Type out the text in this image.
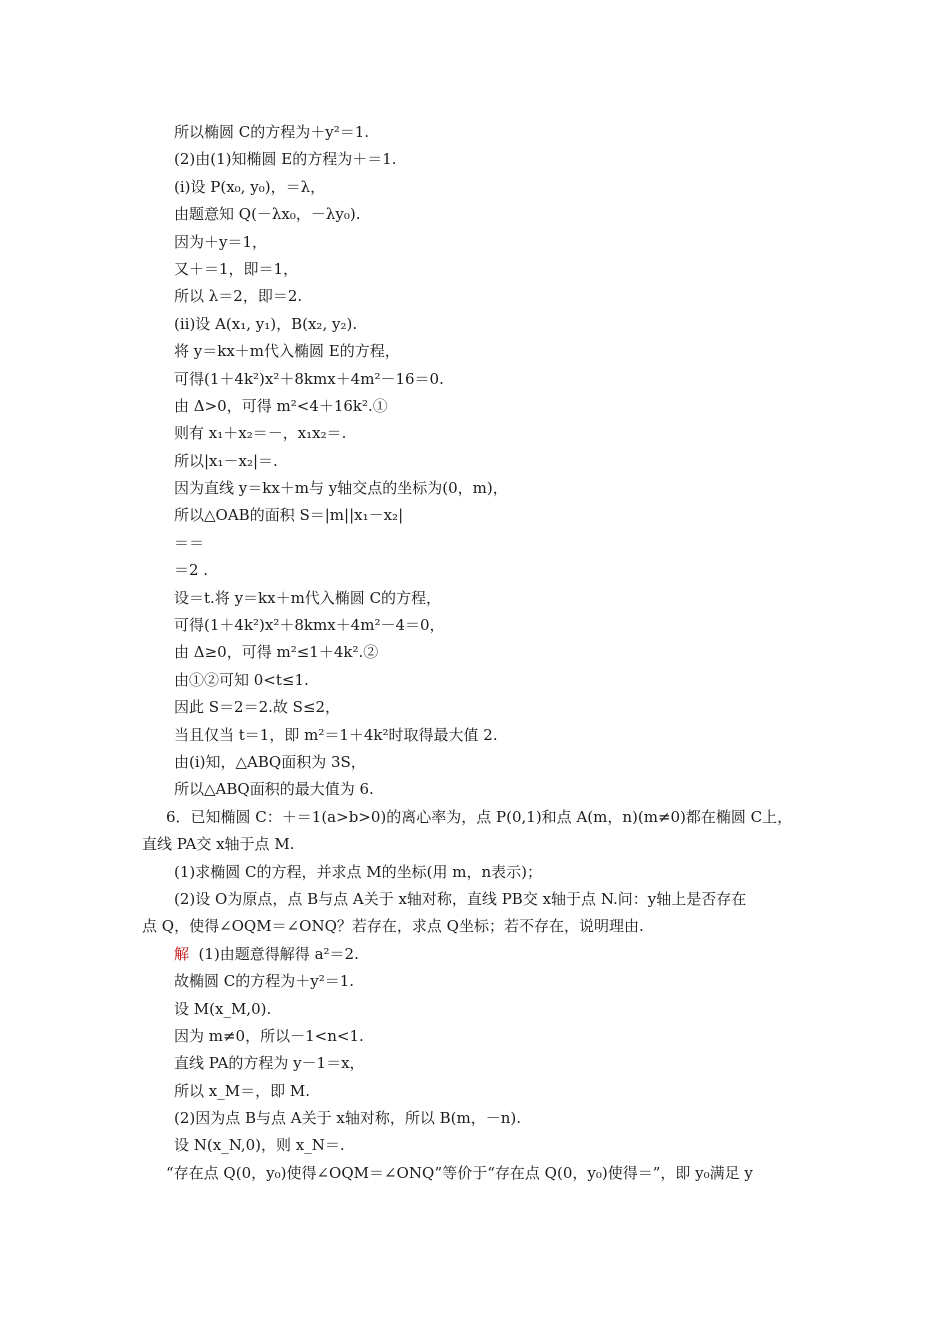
所以椭圆 C的方程为＋y²＝1.
(2)由(1)知椭圆 E的方程为＋＝1.
(ⅰ)设 P(x₀, y₀)，＝λ，
由题意知 Q(－λx₀，－λy₀).
因为＋y＝1，
又＋＝1，即＝1，
所以 λ＝2，即＝2.
(ⅱ)设 A(x₁, y₁)，B(x₂, y₂).
将 y＝kx＋m代入椭圆 E的方程，
可得(1＋4k²)x²＋8kmx＋4m²－16＝0.
由 Δ>0，可得 m²<4＋16k².①
则有 x₁＋x₂＝－，x₁x₂＝.
所以|x₁－x₂|＝.
因为直线 y＝kx＋m与 y轴交点的坐标为(0，m)，
所以△OAB的面积 S＝|m||x₁－x₂|
＝＝
＝2 .
设＝t.将 y＝kx＋m代入椭圆 C的方程，
可得(1＋4k²)x²＋8kmx＋4m²－4＝0，
由 Δ≥0，可得 m²≤1＋4k².②
由①②可知 0<t≤1.
因此 S＝2＝2.故 S≤2，
当且仅当 t＝1，即 m²＝1＋4k²时取得最大值 2.
由(ⅰ)知，△ABQ面积为 3S，
所以△ABQ面积的最大值为 6.
6．已知椭圆 C：＋＝1(a>b>0)的离心率为，点 P(0,1)和点 A(m，n)(m≠0)都在椭圆 C上，
直线 PA交 x轴于点 M.
(1)求椭圆 C的方程，并求点 M的坐标(用 m，n表示)；
(2)设 O为原点，点 B与点 A关于 x轴对称，直线 PB交 x轴于点 N.问：y轴上是否存在
点 Q，使得∠OQM＝∠ONQ？若存在，求点 Q坐标；若不存在，说明理由.
解  (1)由题意得解得 a²＝2.
故椭圆 C的方程为＋y²＝1.
设 M(x_M,0).
因为 m≠0，所以－1<n<1.
直线 PA的方程为 y－1＝x，
所以 x_M＝，即 M.
(2)因为点 B与点 A关于 x轴对称，所以 B(m，－n).
设 N(x_N,0)，则 x_N＝.
“存在点 Q(0，y₀)使得∠OQM＝∠ONQ”等价于“存在点 Q(0，y₀)使得＝”，即 y₀满足 y
